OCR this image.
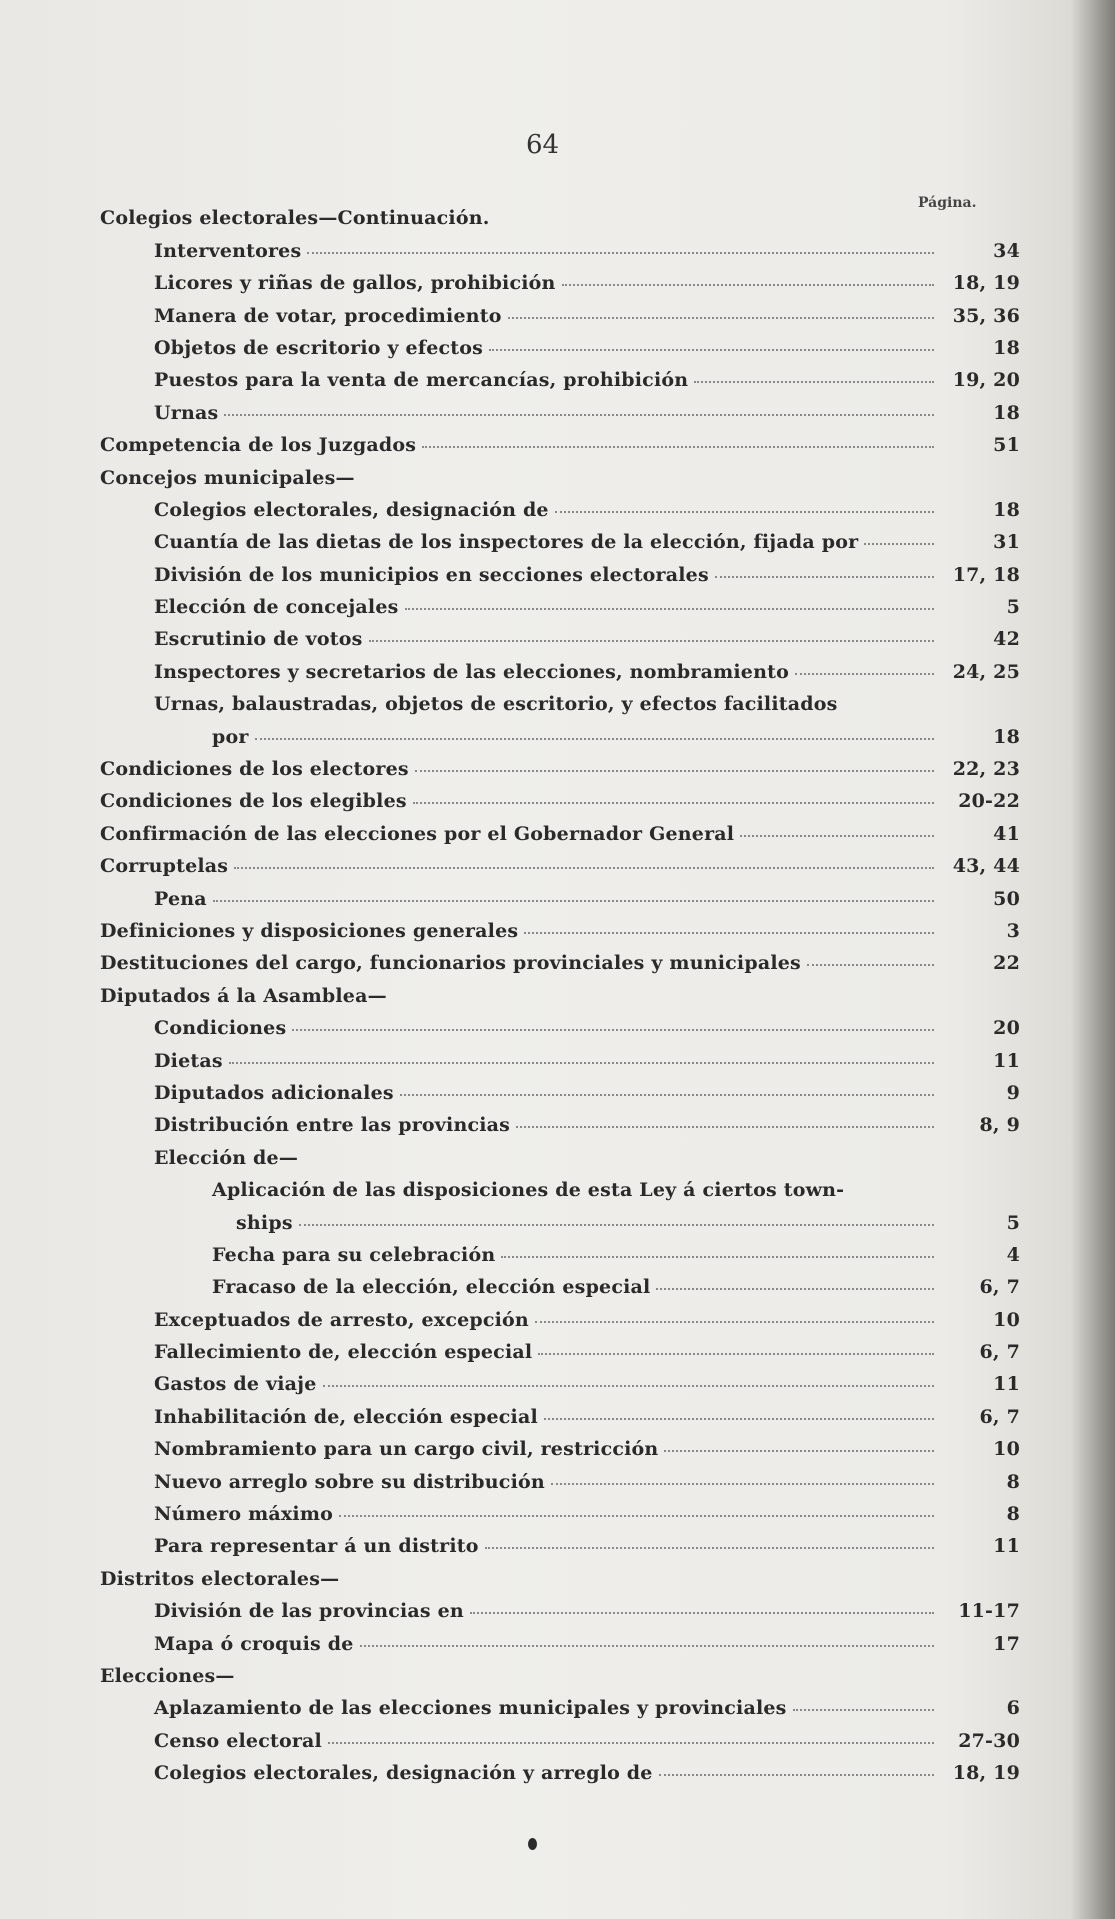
64
Página.
Colegios electorales—Continuación.
Interventores	34
Licores y riñas de gallos, prohibición	18, 19
Manera de votar, procedimiento	35, 36
Objetos de escritorio y efectos	18
Puestos para la venta de mercancías, prohibición	19, 20
Urnas	18
Competencia de los Juzgados	51
Concejos municipales—
Colegios electorales, designación de	18
Cuantía de las dietas de los inspectores de la elección, fijada por	31
División de los municipios en secciones electorales	17, 18
Elección de concejales	5
Escrutinio de votos	42
Inspectores y secretarios de las elecciones, nombramiento	24, 25
Urnas, balaustradas, objetos de escritorio, y efectos facilitados
por	18
Condiciones de los electores	22, 23
Condiciones de los elegibles	20-22
Confirmación de las elecciones por el Gobernador General	41
Corruptelas	43, 44
Pena	50
Definiciones y disposiciones generales	3
Destituciones del cargo, funcionarios provinciales y municipales	22
Diputados á la Asamblea—
Condiciones	20
Dietas	11
Diputados adicionales	9
Distribución entre las provincias	8, 9
Elección de—
Aplicación de las disposiciones de esta Ley á ciertos town-
ships	5
Fecha para su celebración	4
Fracaso de la elección, elección especial	6, 7
Exceptuados de arresto, excepción	10
Fallecimiento de, elección especial	6, 7
Gastos de viaje	11
Inhabilitación de, elección especial	6, 7
Nombramiento para un cargo civil, restricción	10
Nuevo arreglo sobre su distribución	8
Número máximo	8
Para representar á un distrito	11
Distritos electorales—
División de las provincias en	11-17
Mapa ó croquis de	17
Elecciones—
Aplazamiento de las elecciones municipales y provinciales	6
Censo electoral	27-30
Colegios electorales, designación y arreglo de	18, 19
